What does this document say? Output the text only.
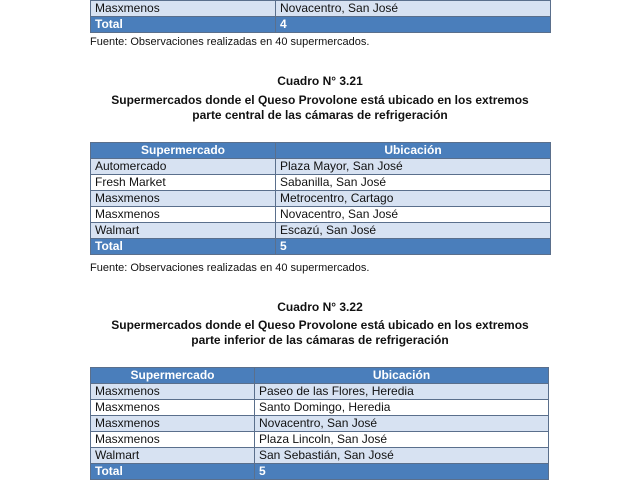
Masxmenos	Novacentro, San José
Total	4
Fuente: Observaciones realizadas en 40 supermercados.
Cuadro N° 3.21
Supermercados donde el Queso Provolone está ubicado en los extremos
parte central de las cámaras de refrigeración
Supermercado	Ubicación
Automercado	Plaza Mayor, San José
Fresh Market	Sabanilla, San José
Masxmenos	Metrocentro, Cartago
Masxmenos	Novacentro, San José
Walmart	Escazú, San José
Total	5
Fuente: Observaciones realizadas en 40 supermercados.
Cuadro N° 3.22
Supermercados donde el Queso Provolone está ubicado en los extremos
parte inferior de las cámaras de refrigeración
Supermercado	Ubicación
Masxmenos	Paseo de las Flores, Heredia
Masxmenos	Santo Domingo, Heredia
Masxmenos	Novacentro, San José
Masxmenos	Plaza Lincoln, San José
Walmart	San Sebastián, San José
Total	5
